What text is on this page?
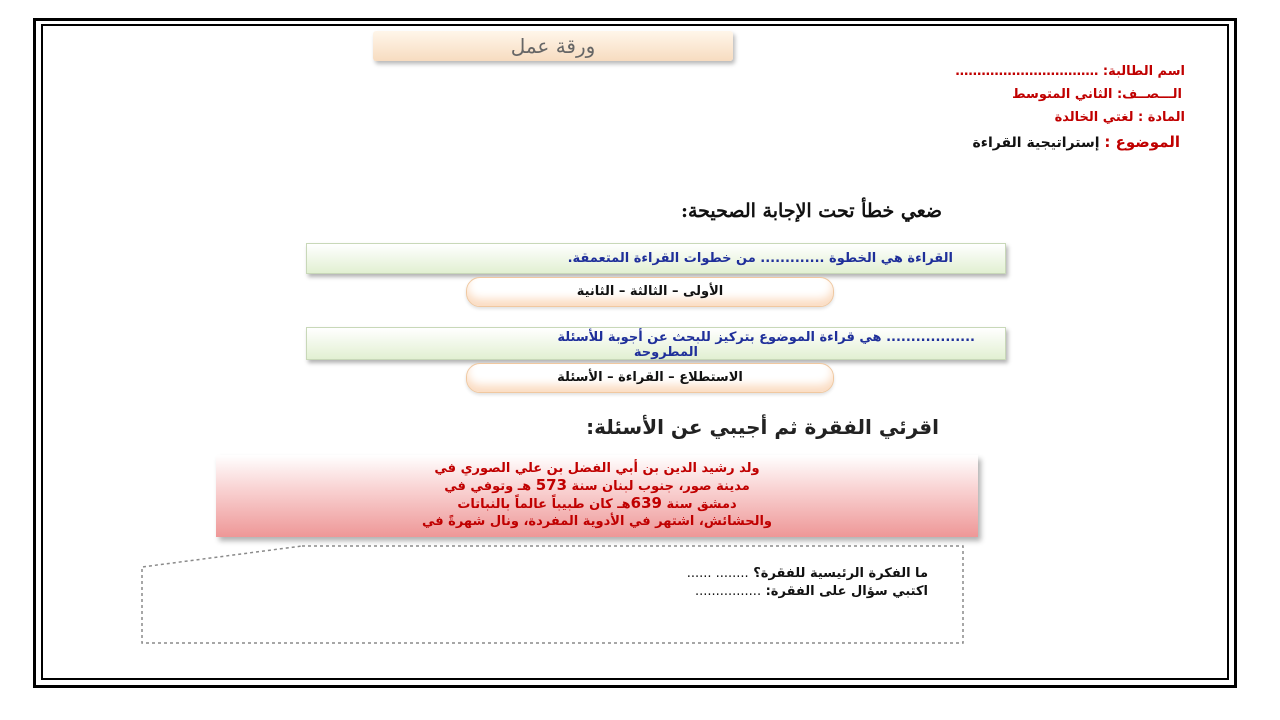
ورقة عمل
اسم الطالبة: ……………………………
الـــصــف: الثاني المتوسط
المادة : لغتي الخالدة
الموضوع : إستراتيجية القراءة
ضعي خطأ تحت الإجابة الصحيحة:
القراءة هي الخطوة ............. من خطوات القراءة المتعمقة.
الأولى – الثالثة – الثانية
.................. هي قراءة الموضوع بتركيز للبحث عن أجوبة للأسئلة
المطروحة
الاستطلاع – القراءة – الأسئلة
اقرئي الفقرة ثم أجيبي عن الأسئلة:
ولد رشيد الدين بن أبي الفضل بن علي الصوري في
مدينة صور، جنوب لبنان سنة 573 هـ وتوفي في
دمشق سنة 639هـ كان طبيباً عالماً بالنباتات
والحشائش، اشتهر في الأدوية المفردة، ونال شهرةً في
ما الفكرة الرئيسية للفقرة؟ ........ ......
اكتبي سؤال على الفقرة: ................
